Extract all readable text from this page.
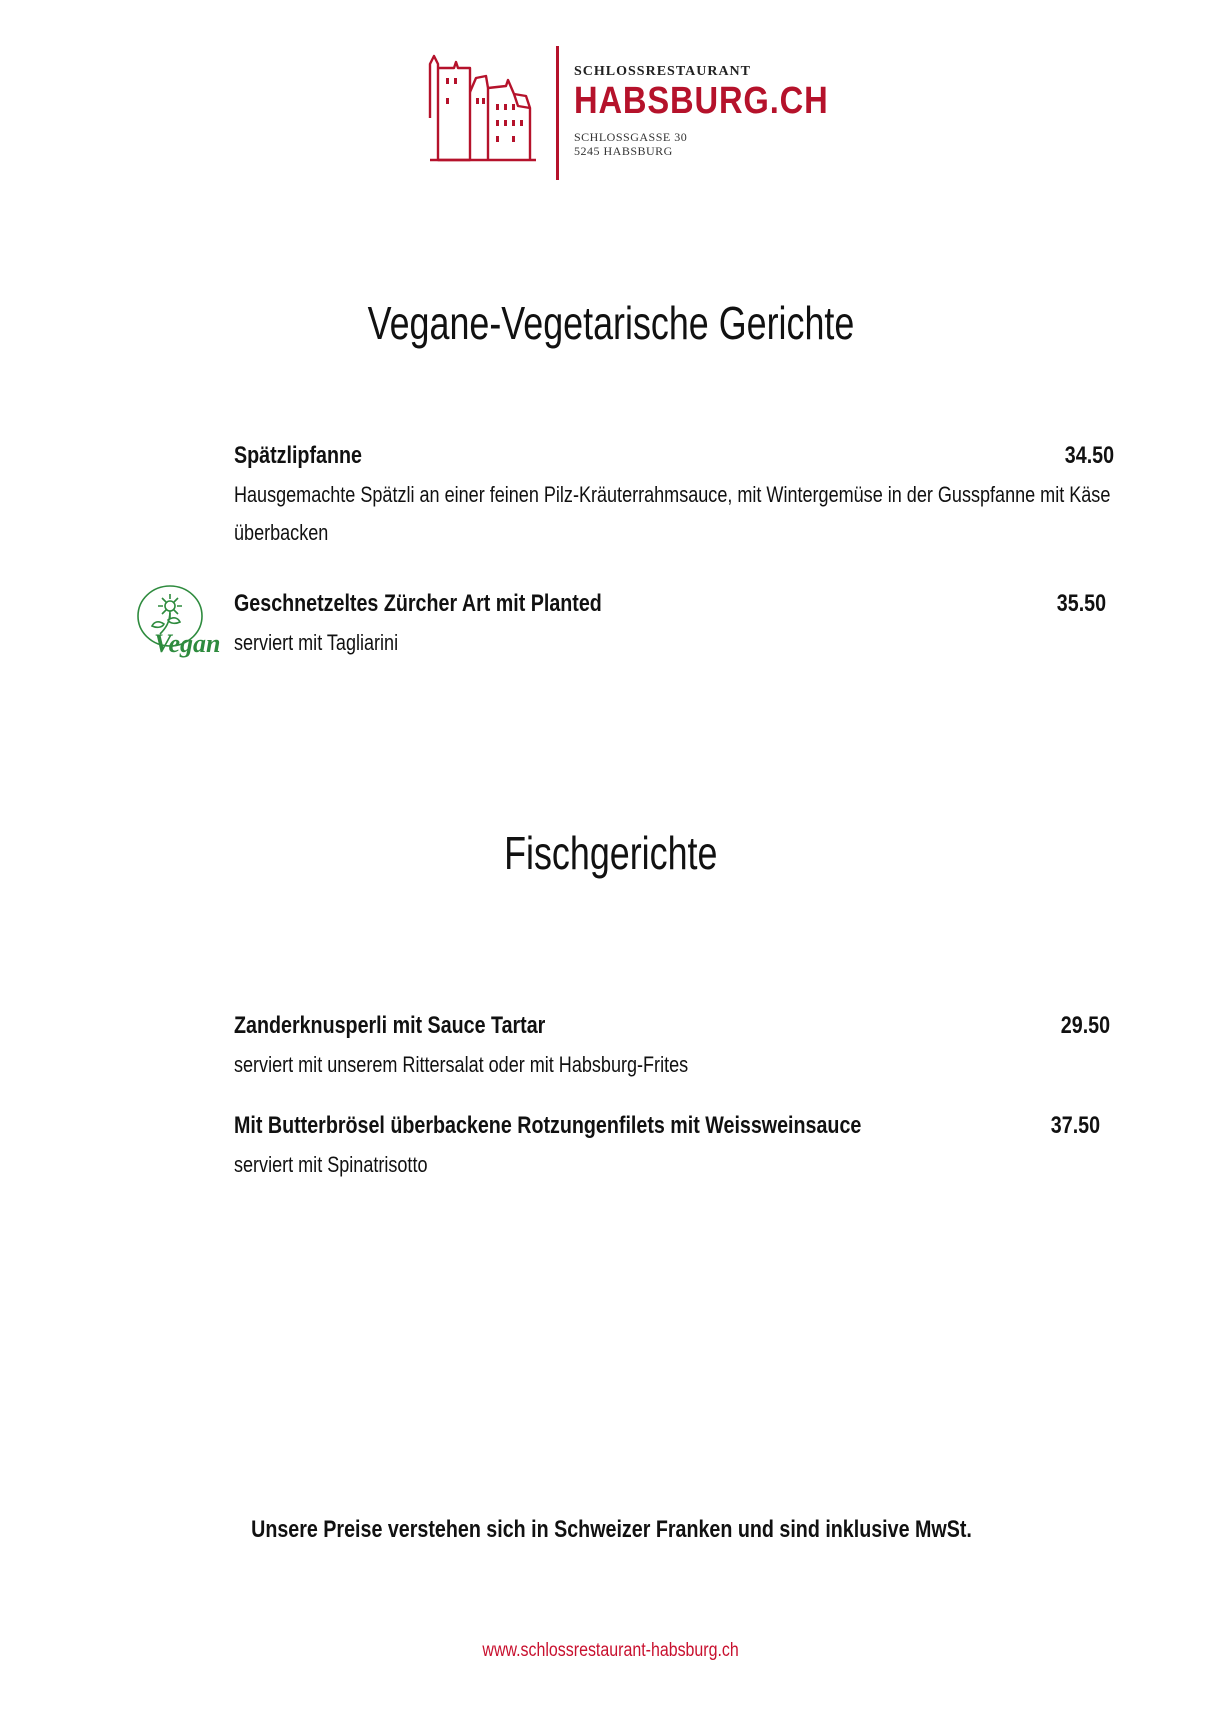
SCHLOSSRESTAURANT
HABSBURG.CH
SCHLOSSGASSE 30
5245 HABSBURG
Vegane-Vegetarische Gerichte
Spätzlipfanne	34.50
Hausgemachte Spätzli an einer feinen Pilz-Kräuterrahmsauce, mit Wintergemüse in der Gusspfanne mit Käse überbacken
Vegan
Geschnetzeltes Zürcher Art mit Planted	35.50
serviert mit Tagliarini
Fischgerichte
Zanderknusperli mit Sauce Tartar	29.50
serviert mit unserem Rittersalat oder mit Habsburg-Frites
Mit Butterbrösel überbackene Rotzungenfilets mit Weissweinsauce	37.50
serviert mit Spinatrisotto
Unsere Preise verstehen sich in Schweizer Franken und sind inklusive MwSt.
www.schlossrestaurant-habsburg.ch
